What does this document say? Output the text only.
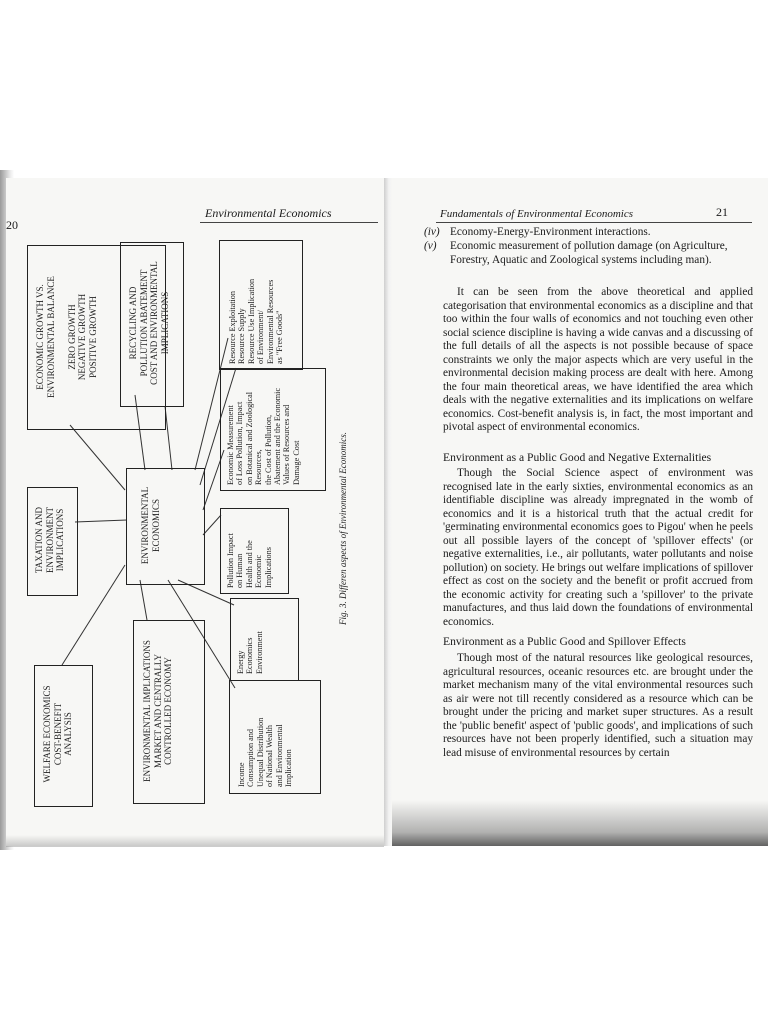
20
Environmental Economics
ECONOMIC GROWTH VS.
ENVIRONMENTAL BALANCE

ZERO GROWTH
NEGATIVE GROWTH
POSITIVE GROWTH	RECYCLING AND
POLLUTION ABATEMENT
COST AND ENVIRONMENTAL
IMPLICATIONS
TAXATION AND
ENVIRONMENT
IMPLICATIONS
WELFARE ECONOMICS
COST-BENEFIT
ANALYSIS	ENVIRONMENTAL IMPLICATIONS
MARKET AND CENTRALLY
CONTROLLED ECONOMY
ENVIRONMENTAL
ECONOMICS
Resource Exploitation
Resource Supply
Resource Use Implication
of Environment/
Environmental Resources
as "Free Goods"
Economic Measurement
of Loss Pollution, Impact
on Botanical and Zoological
Resources,
the Cost of Pollution,
Abatement and the Economic
Values of Resources and
Damage Cost
Pollution Impact
on Human
Health and the
Economic
Implications
Energy
Economics
Environment
Income
Consumption and
Unequal Distribution
of National Wealth
and Environmental
Implication
Fig. 3. Differen aspects of Environmental Economics.
Fundamentals of Environmental Economics	21
(iv) Economy-Energy-Environment interactions.
(v)	Economic measurement of pollution damage (on Agriculture, Forestry, Aquatic and Zoological systems including man).

It can be seen from the above theoretical and applied categorisation that environmental economics as a discipline and that too within the four walls of economics and not touching even other social science discipline is having a wide canvas and a discussing of the full details of all the aspects is not possible because of space constraints we only the major aspects which are very useful in the environmental decision making process are dealt with here. Among the four main theoretical areas, we have identified the area which deals with the negative externalities and its implications on welfare economics. Cost-benefit analysis is, in fact, the most important and pivotal aspect of environmental economics.

Environment as a Public Good and Negative Externalities

Though the Social Science aspect of environment was recognised late in the early sixties, environmental economics as an identifiable discipline was already impregnated in the womb of economics and it is a historical truth that the actual credit for 'germinating environmental economics goes to Pigou' when he peels out all possible layers of the concept of 'spillover effects' (or negative externalities, i.e., air pollutants, water pollutants and noise pollution) on society. He brings out welfare implications of spillover effect as cost on the society and the benefit or profit accrued from the economic activity for creating such a 'spillover' to the private manufactures, and thus laid down the foundations of environmental economics.

Environment as a Public Good and Spillover Effects

Though most of the natural resources like geological resources, agricultural resources, oceanic resources etc. are brought under the market mechanism many of the vital environmental resources such as air were not till recently considered as a resource which can be brought under the pricing and market super structures. As a result the 'public benefit' aspect of 'public goods', and implications of such resources have not been properly identified, such a situation may lead misuse of environmental resources by certain
